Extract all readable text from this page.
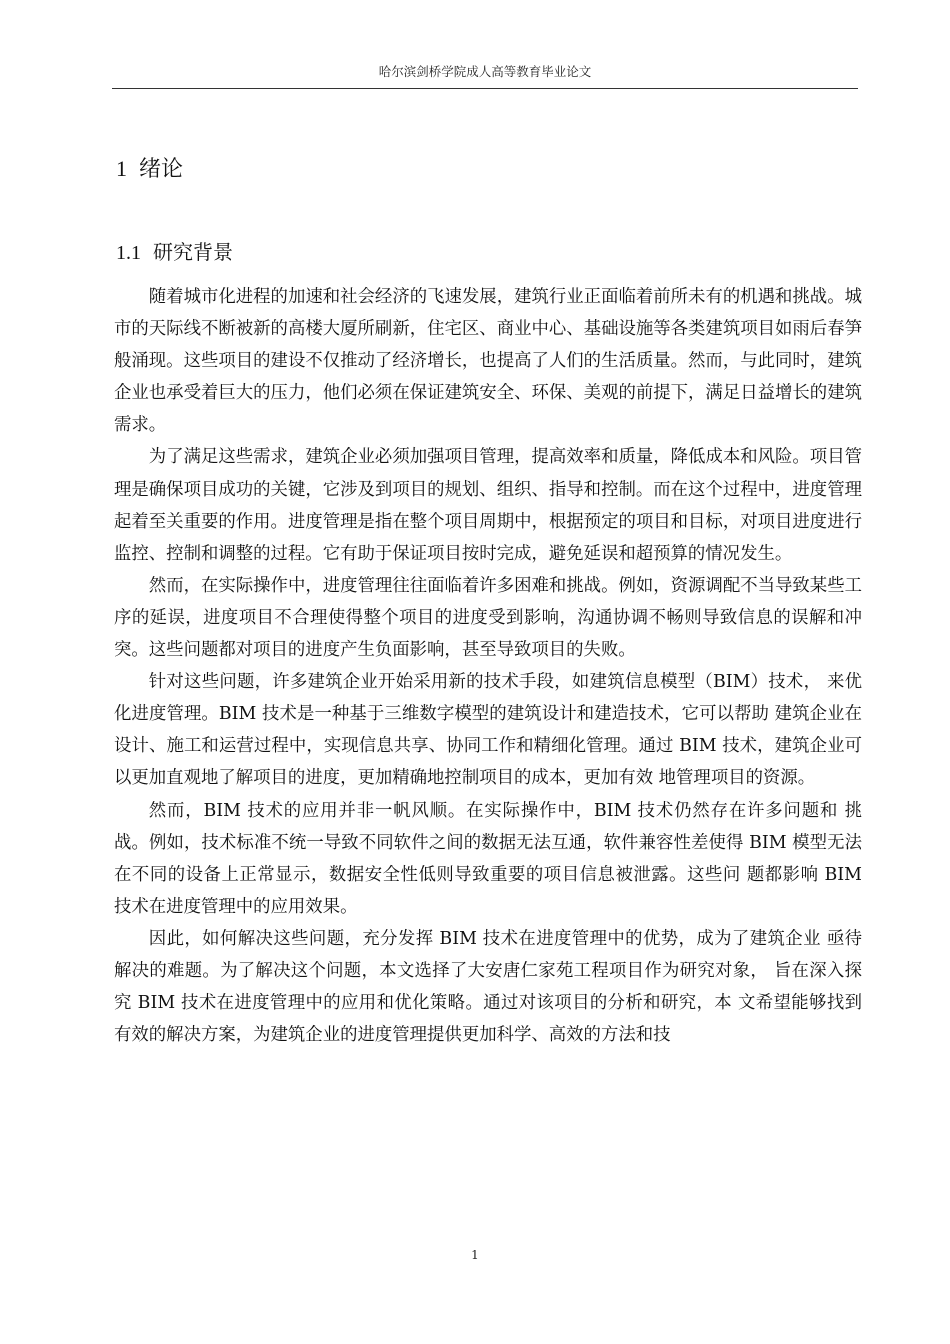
哈尔滨剑桥学院成人高等教育毕业论文
1 绪论
1.1 研究背景

随着城市化进程的加速和社会经济的飞速发展，建筑行业正面临着前所未有的机遇和挑战。城市的天际线不断被新的高楼大厦所刷新，住宅区、商业中心、基础设施等各类建筑项目如雨后春笋般涌现。这些项目的建设不仅推动了经济增长，也提高了人们的生活质量。然而，与此同时，建筑企业也承受着巨大的压力，他们必须在保证建筑安全、环保、美观的前提下，满足日益增长的建筑需求。

为了满足这些需求，建筑企业必须加强项目管理，提高效率和质量，降低成本和风险。项目管理是确保项目成功的关键，它涉及到项目的规划、组织、指导和控制。而在这个过程中，进度管理起着至关重要的作用。进度管理是指在整个项目周期中，根据预定的项目和目标，对项目进度进行监控、控制和调整的过程。它有助于保证项目按时完成，避免延误和超预算的情况发生。

然而，在实际操作中，进度管理往往面临着许多困难和挑战。例如，资源调配不当导致某些工序的延误，进度项目不合理使得整个项目的进度受到影响，沟通协调不畅则导致信息的误解和冲突。这些问题都对项目的进度产生负面影响，甚至导致项目的失败。

针对这些问题，许多建筑企业开始采用新的技术手段，如建筑信息模型（BIM）技术， 来优化进度管理。BIM 技术是一种基于三维数字模型的建筑设计和建造技术，它可以帮助 建筑企业在设计、施工和运营过程中，实现信息共享、协同工作和精细化管理。通过 BIM 技术，建筑企业可以更加直观地了解项目的进度，更加精确地控制项目的成本，更加有效 地管理项目的资源。

然而，BIM 技术的应用并非一帆风顺。在实际操作中，BIM 技术仍然存在许多问题和 挑战。例如，技术标准不统一导致不同软件之间的数据无法互通，软件兼容性差使得 BIM 模型无法在不同的设备上正常显示，数据安全性低则导致重要的项目信息被泄露。这些问 题都影响 BIM 技术在进度管理中的应用效果。

因此，如何解决这些问题，充分发挥 BIM 技术在进度管理中的优势，成为了建筑企业 亟待解决的难题。为了解决这个问题，本文选择了大安唐仁家苑工程项目作为研究对象， 旨在深入探究 BIM 技术在进度管理中的应用和优化策略。通过对该项目的分析和研究，本 文希望能够找到有效的解决方案，为建筑企业的进度管理提供更加科学、高效的方法和技

1
